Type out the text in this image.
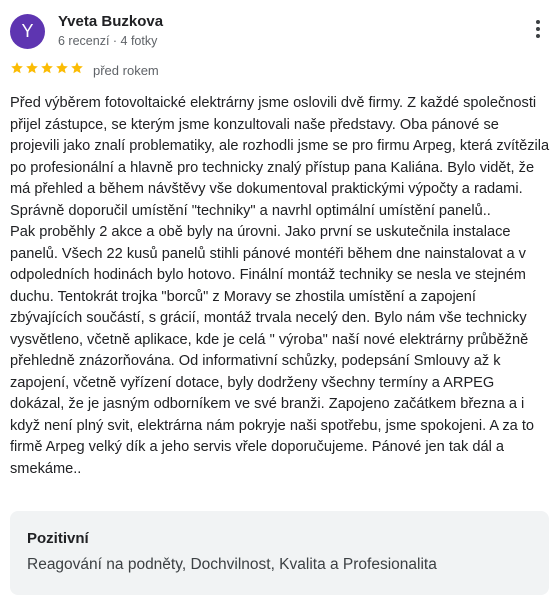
Y	Yveta Buzkova
6 recenzí · 4 fotky
před rokem

Před výběrem fotovoltaické elektrárny jsme oslovili dvě firmy. Z každé společnosti přijel zástupce, se kterým jsme konzultovali naše představy. Oba pánové se projevili jako znalí problematiky, ale rozhodli jsme se pro firmu Arpeg, která zvítězila po profesionální a hlavně pro technicky znalý přístup pana Kaliána. Bylo vidět, že má přehled a během návštěvy vše dokumentoval praktickými výpočty a radami. Správně doporučil umístění "techniky" a navrhl optimální umístění panelů..
Pak proběhly 2 akce a obě byly na úrovni. Jako první se uskutečnila instalace panelů. Všech 22 kusů panelů stihli pánové montéři během dne nainstalovat a v odpoledních hodinách bylo hotovo. Finální montáž techniky se nesla ve stejném duchu. Tentokrát trojka "borců" z Moravy se zhostila umístění a zapojení zbývajících součástí, s grácií, montáž trvala necelý den. Bylo nám vše technicky vysvětleno, včetně aplikace, kde je celá " výroba" naší nové elektrárny průběžně přehledně znázorňována. Od informativní schůzky, podepsání Smlouvy až k zapojení, včetně vyřízení dotace, byly dodrženy všechny termíny a ARPEG dokázal, že je jasným odborníkem ve své branži. Zapojeno začátkem března a i když není plný svit, elektrárna nám pokryje naši spotřebu, jsme spokojeni. A za to firmě Arpeg velký dík a jeho servis vřele doporučujeme. Pánové jen tak dál a smekáme..

Pozitivní
Reagování na podněty, Dochvilnost, Kvalita a Profesionalita
